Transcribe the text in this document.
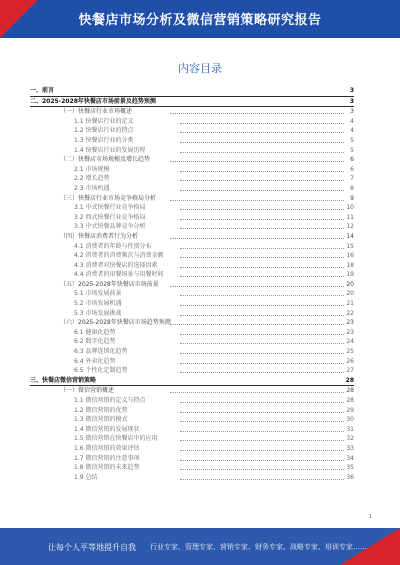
快餐店市场分析及微信营销策略研究报告
内容目录
一、前言	3
二、2025-2028年快餐店市场前景及趋势预测	3
（一）快餐店行业市场概述	3
1.1 快餐店行业的定义	4
1.2 快餐店行业的特点	4
1.3 快餐店行业的分类	5
1.4 快餐店行业的发展历程	5
（二）快餐店市场规模及增长趋势	6
2.1 市场规模	6
2.2 增长趋势	7
2.3 市场机遇	8
（三）快餐店行业市场竞争格局分析	9
3.1 中式快餐行业竞争格局	10
3.2 西式快餐行业竞争格局	11
3.3 中式快餐品牌竞争分析	12
（四）快餐店消费者行为分析	14
4.1 消费者的年龄与性别分布	15
4.2 消费者的消费频次与消费金额	16
4.3 消费者对快餐店的选择因素	18
4.4 消费者的用餐场景与用餐时间	19
（五）2025-2028年快餐店市场前景	20
5.1 市场发展前景	20
5.2 市场发展机遇	21
5.3 市场发展挑战	22
（六）2025-2028年快餐店市场趋势预测	23
6.1 健康化趋势	23
6.2 数字化趋势	24
6.3 品牌连锁化趋势	25
6.4 外卖化趋势	26
6.5 个性化定制趋势	27
三、快餐店微信营销策略	28
（一）微信营销概述	28
1.1 微信营销的定义与特点	28
1.2 微信营销的优势	29
1.3 微信营销的模式	30
1.4 微信营销的发展现状	31
1.5 微信营销在快餐店中的应用	32
1.6 微信营销的效果评估	33
1.7 微信营销的注意事项	34
1.8 微信营销的未来趋势	35
1.9 总结	36
1
让每个人平等地提升自我 行业专家、管理专家、营销专家、财务专家、战略专家、培训专家……
